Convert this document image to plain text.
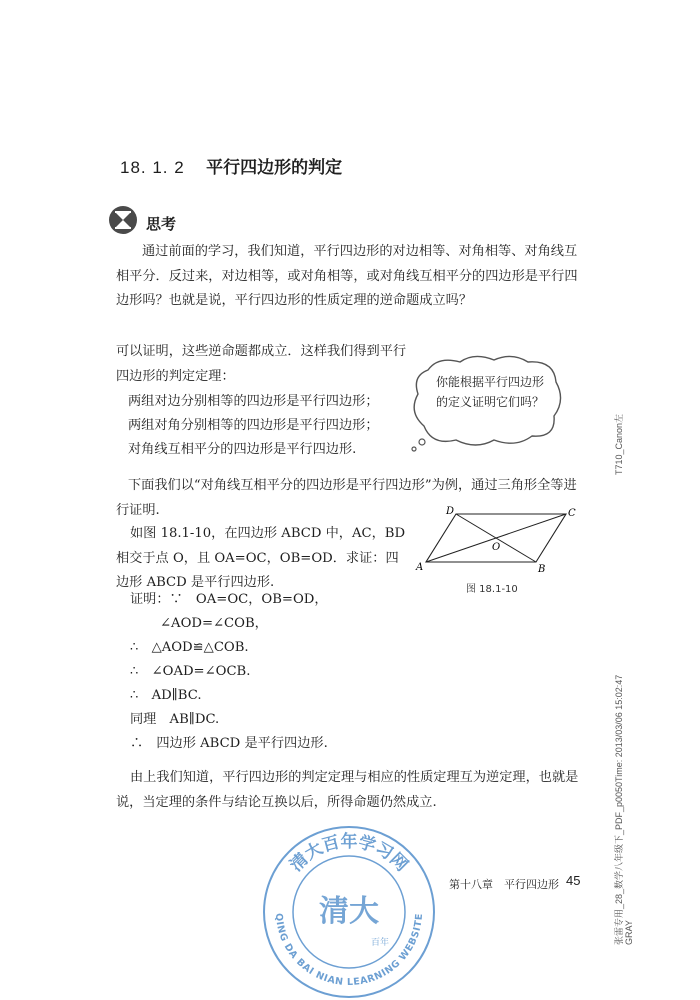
18. 1. 2 平行四边形的判定
思考

通过前面的学习，我们知道，平行四边形的对边相等、对角相等、对角线互相平分．反过来，对边相等，或对角相等，或对角线互相平分的四边形是平行四边形吗？也就是说，平行四边形的性质定理的逆命题成立吗？

可以证明，这些逆命题都成立．这样我们得到平行四边形的判定定理：

两组对边分别相等的四边形是平行四边形；
两组对角分别相等的四边形是平行四边形；
对角线互相平分的四边形是平行四边形.
你能根据平行四边形的定义证明它们吗？

下面我们以“对角线互相平分的四边形是平行四边形”为例，通过三角形全等进行证明.

如图 18.1-10，在四边形 ABCD 中，AC，BD 相交于点 O，且 OA=OC，OB=OD．求证：四边形 ABCD 是平行四边形.

A	B
C
D
O
图 18.1-10
证明：∵　OA=OC，OB=OD，
∠AOD=∠COB，
∴　△AOD≌△COB.
∴　∠OAD=∠OCB.
∴　AD∥BC.
同理　AB∥DC.
∴　四边形 ABCD 是平行四边形.

由上我们知道，平行四边形的判定定理与相应的性质定理互为逆定理，也就是说，当定理的条件与结论互换以后，所得命题仍然成立.

清大百年学习网
QING DA BAI NIAN LEARNING WEBSITE
清大
百年
第十八章　平行四边形 45
T710_Canon左
张雷专用_28_数学八年级下_PDF_p0050Time: 2013/03/06 15:02:47 GRAY
